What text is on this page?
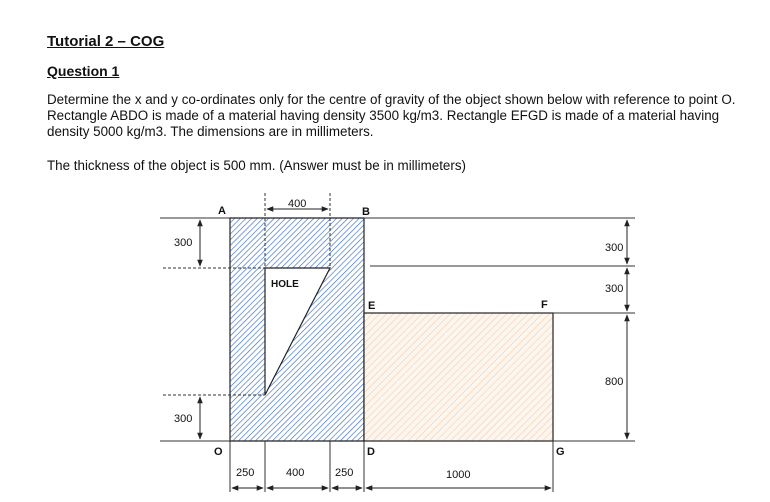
Tutorial 2 – COG
Question 1

Determine the x and y co-ordinates only for the centre of gravity of the object shown below with reference to point O. Rectangle ABDO is made of a material having density 3500 kg/m3. Rectangle EFGD is made of a material having density 5000 kg/m3. The dimensions are in millimeters.

The thickness of the object is 500 mm. (Answer must be in millimeters)

A	B
O	D
E	F
G
HOLE
400
300
300
300
300
800
250	400	250	1000
